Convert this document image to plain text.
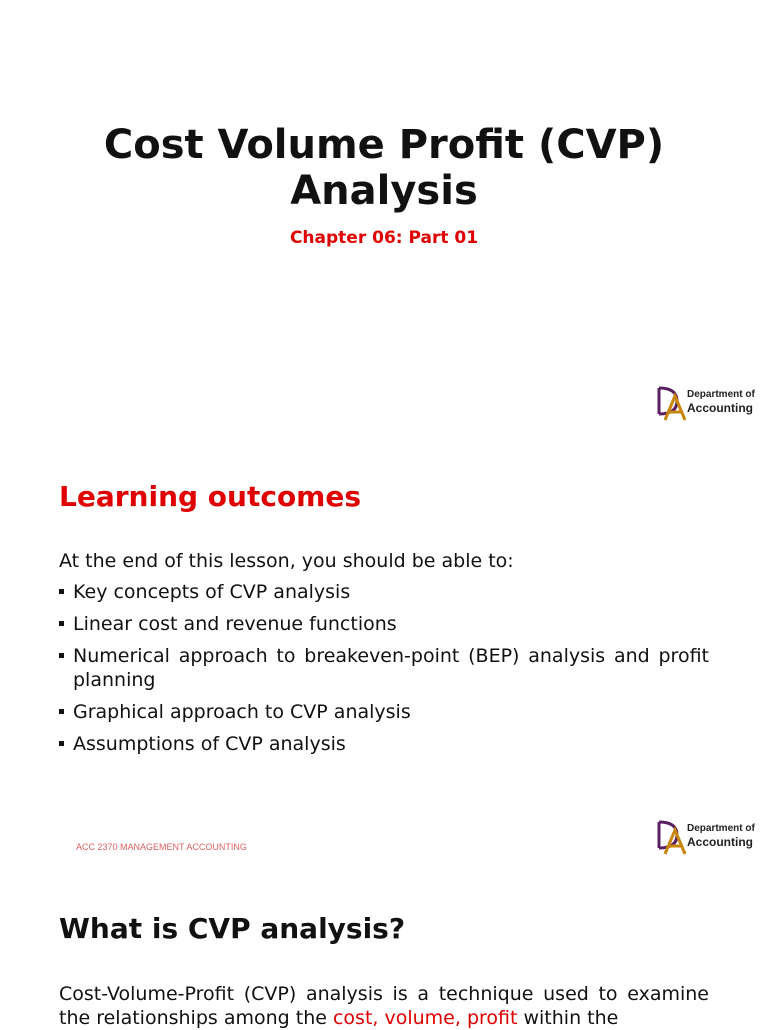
Cost Volume Profit (CVP)
Analysis
Chapter 06: Part 01
Department of
Accounting
Learning outcomes

At the end of this lesson, you should be able to:

Key concepts of CVP analysis
Linear cost and revenue functions
Numerical approach to breakeven-point (BEP) analysis and profit planning
Graphical approach to CVP analysis
Assumptions of CVP analysis
ACC 2370 MANAGEMENT ACCOUNTING
Department of
Accounting
What is CVP analysis?

Cost-Volume-Profit (CVP) analysis is a technique used to examine the relationships among the cost, volume, profit within the
